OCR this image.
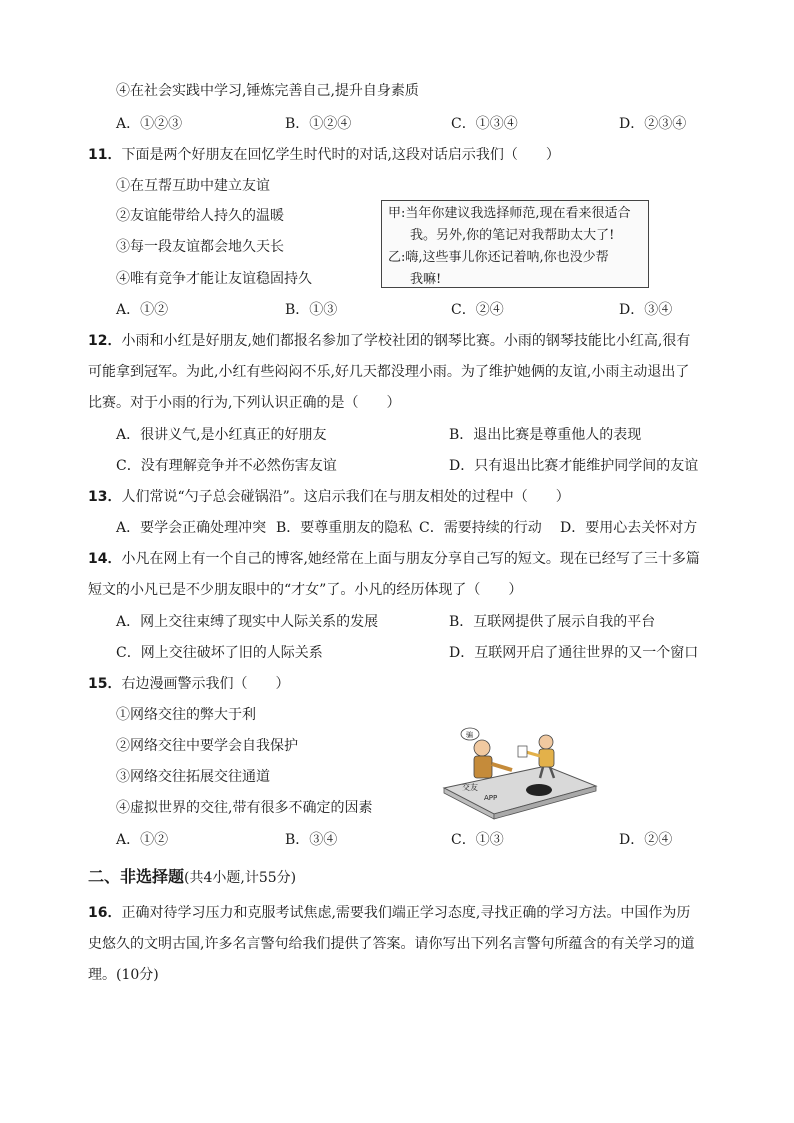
④在社会实践中学习,锤炼完善自己,提升自身素质
A．①②③	B．①②④	C．①③④	D．②③④
11．下面是两个好朋友在回忆学生时代时的对话,这段对话启示我们（　　）
①在互帮互助中建立友谊
②友谊能带给人持久的温暖
③每一段友谊都会地久天长
④唯有竞争才能让友谊稳固持久
甲:当年你建议我选择师范,现在看来很适合
我。另外,你的笔记对我帮助太大了!
乙:嗨,这些事儿你还记着呐,你也没少帮
我嘛!
A．①②	B．①③	C．②④	D．③④
12．小雨和小红是好朋友,她们都报名参加了学校社团的钢琴比赛。小雨的钢琴技能比小红高,很有
可能拿到冠军。为此,小红有些闷闷不乐,好几天都没理小雨。为了维护她俩的友谊,小雨主动退出了
比赛。对于小雨的行为,下列认识正确的是（　　）
A．很讲义气,是小红真正的好朋友	B．退出比赛是尊重他人的表现
C．没有理解竞争并不必然伤害友谊	D．只有退出比赛才能维护同学间的友谊
13．人们常说“勺子总会碰锅沿”。这启示我们在与朋友相处的过程中（　　）
A．要学会正确处理冲突 B．要尊重朋友的隐私 C．需要持续的行动 D．要用心去关怀对方
14．小凡在网上有一个自己的博客,她经常在上面与朋友分享自己写的短文。现在已经写了三十多篇
短文的小凡已是不少朋友眼中的“才女”了。小凡的经历体现了（　　）
A．网上交往束缚了现实中人际关系的发展	B．互联网提供了展示自我的平台
C．网上交往破坏了旧的人际关系	D．互联网开启了通往世界的又一个窗口
15．右边漫画警示我们（　　）
①网络交往的弊大于利
②网络交往中要学会自我保护
③网络交往拓展交往通道
④虚拟世界的交往,带有很多不确定的因素
骗
交友
APP
A．①②	B．③④	C．①③	D．②④
二、非选择题(共4小题,计55分)
16．正确对待学习压力和克服考试焦虑,需要我们端正学习态度,寻找正确的学习方法。中国作为历
史悠久的文明古国,许多名言警句给我们提供了答案。请你写出下列名言警句所蕴含的有关学习的道
理。(10分)
